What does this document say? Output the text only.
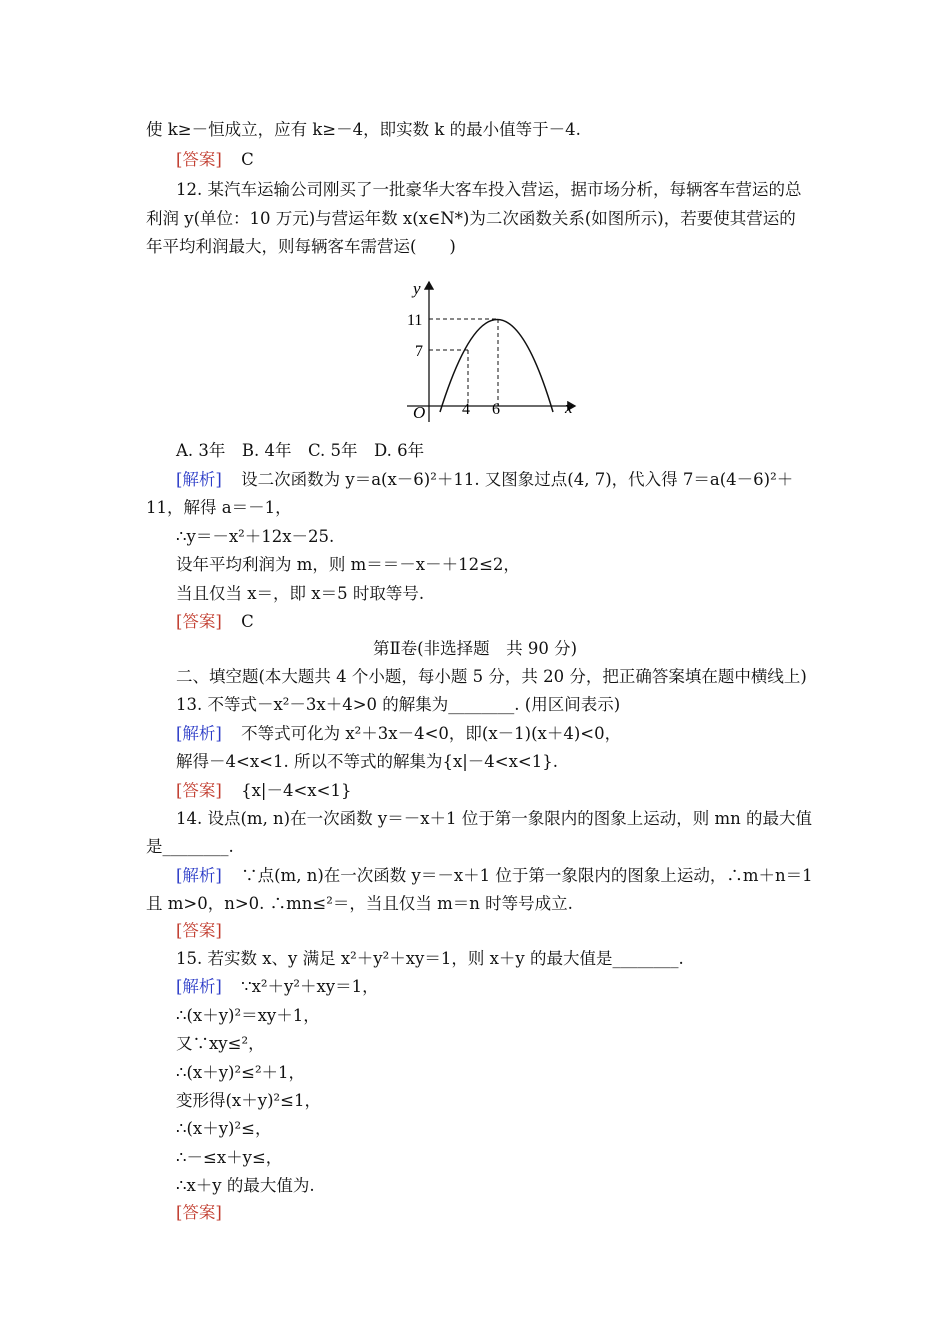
使 k≥－恒成立，应有 k≥－4，即实数 k 的最小值等于－4.
[答案] C
12. 某汽车运输公司刚买了一批豪华大客车投入营运，据市场分析，每辆客车营运的总
利润 y(单位：10 万元)与营运年数 x(x∈N*)为二次函数关系(如图所示)，若要使其营运的
年平均利润最大，则每辆客车需营运(　　)
y
x
O
11
7
4 6
A. 3年　B. 4年　C. 5年　D. 6年
[解析] 设二次函数为 y＝a(x－6)²＋11. 又图象过点(4, 7)，代入得 7＝a(4－6)²＋
11，解得 a＝－1，
∴y＝－x²＋12x－25.
设年平均利润为 m，则 m＝＝－x－＋12≤2，
当且仅当 x＝，即 x＝5 时取等号.
[答案] C
第Ⅱ卷(非选择题　共 90 分)
二、填空题(本大题共 4 个小题，每小题 5 分，共 20 分，把正确答案填在题中横线上)
13. 不等式－x²－3x＋4>0 的解集为________. (用区间表示)
[解析] 不等式可化为 x²＋3x－4<0，即(x－1)(x＋4)<0，
解得－4<x<1. 所以不等式的解集为{x|－4<x<1}.
[答案] {x|－4<x<1}
14. 设点(m, n)在一次函数 y＝－x＋1 位于第一象限内的图象上运动，则 mn 的最大值
是________.
[解析] ∵点(m, n)在一次函数 y＝－x＋1 位于第一象限内的图象上运动，∴m＋n＝1
且 m>0，n>0. ∴mn≤²＝，当且仅当 m＝n 时等号成立.
[答案]
15. 若实数 x、y 满足 x²＋y²＋xy＝1，则 x＋y 的最大值是________.
[解析] ∵x²＋y²＋xy＝1，
∴(x＋y)²＝xy＋1，
又∵xy≤²，
∴(x＋y)²≤²＋1，
变形得(x＋y)²≤1，
∴(x＋y)²≤，
∴－≤x＋y≤，
∴x＋y 的最大值为.
[答案]
